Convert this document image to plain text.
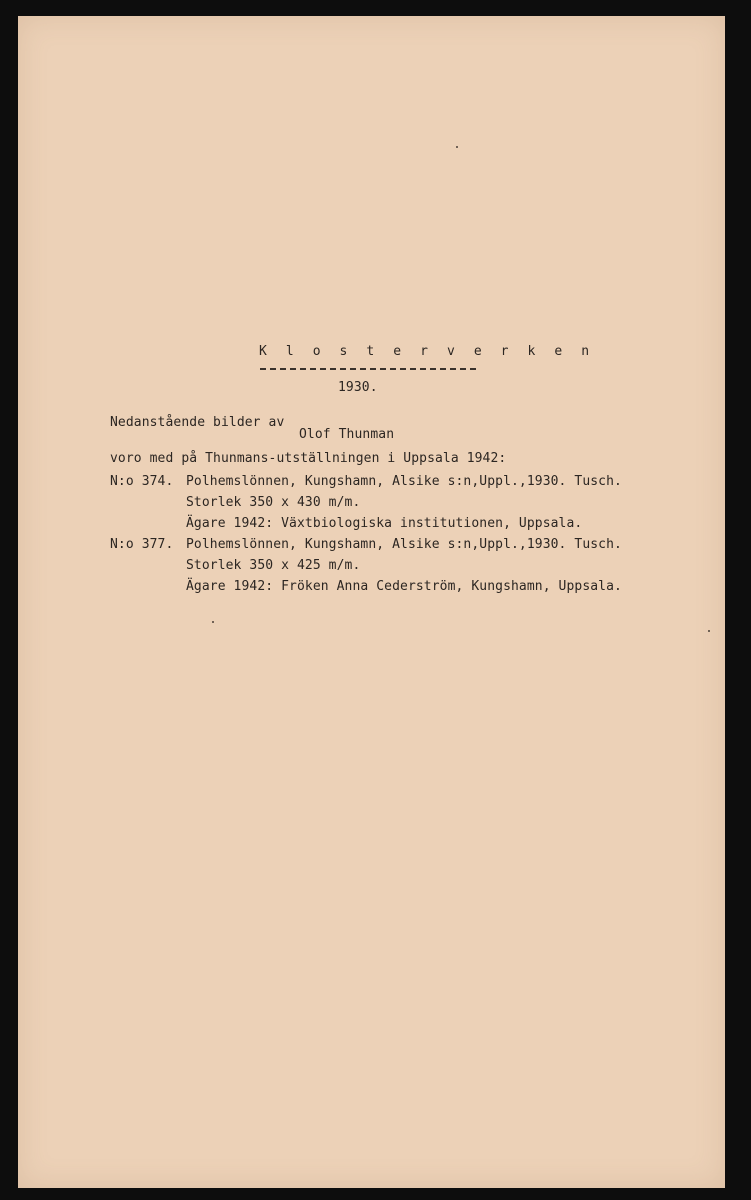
K l o s t e r v e r k e n
1930.
Nedanstående bilder av
Olof Thunman
voro med på Thunmans-utställningen i Uppsala 1942:
N:o 374. Polhemslönnen, Kungshamn, Alsike s:n,Uppl.,1930. Tusch.
Storlek 350 x 430 m/m.
Ägare 1942: Växtbiologiska institutionen, Uppsala.
N:o 377. Polhemslönnen, Kungshamn, Alsike s:n,Uppl.,1930. Tusch.
Storlek 350 x 425 m/m.
Ägare 1942: Fröken Anna Cederström, Kungshamn, Uppsala.
